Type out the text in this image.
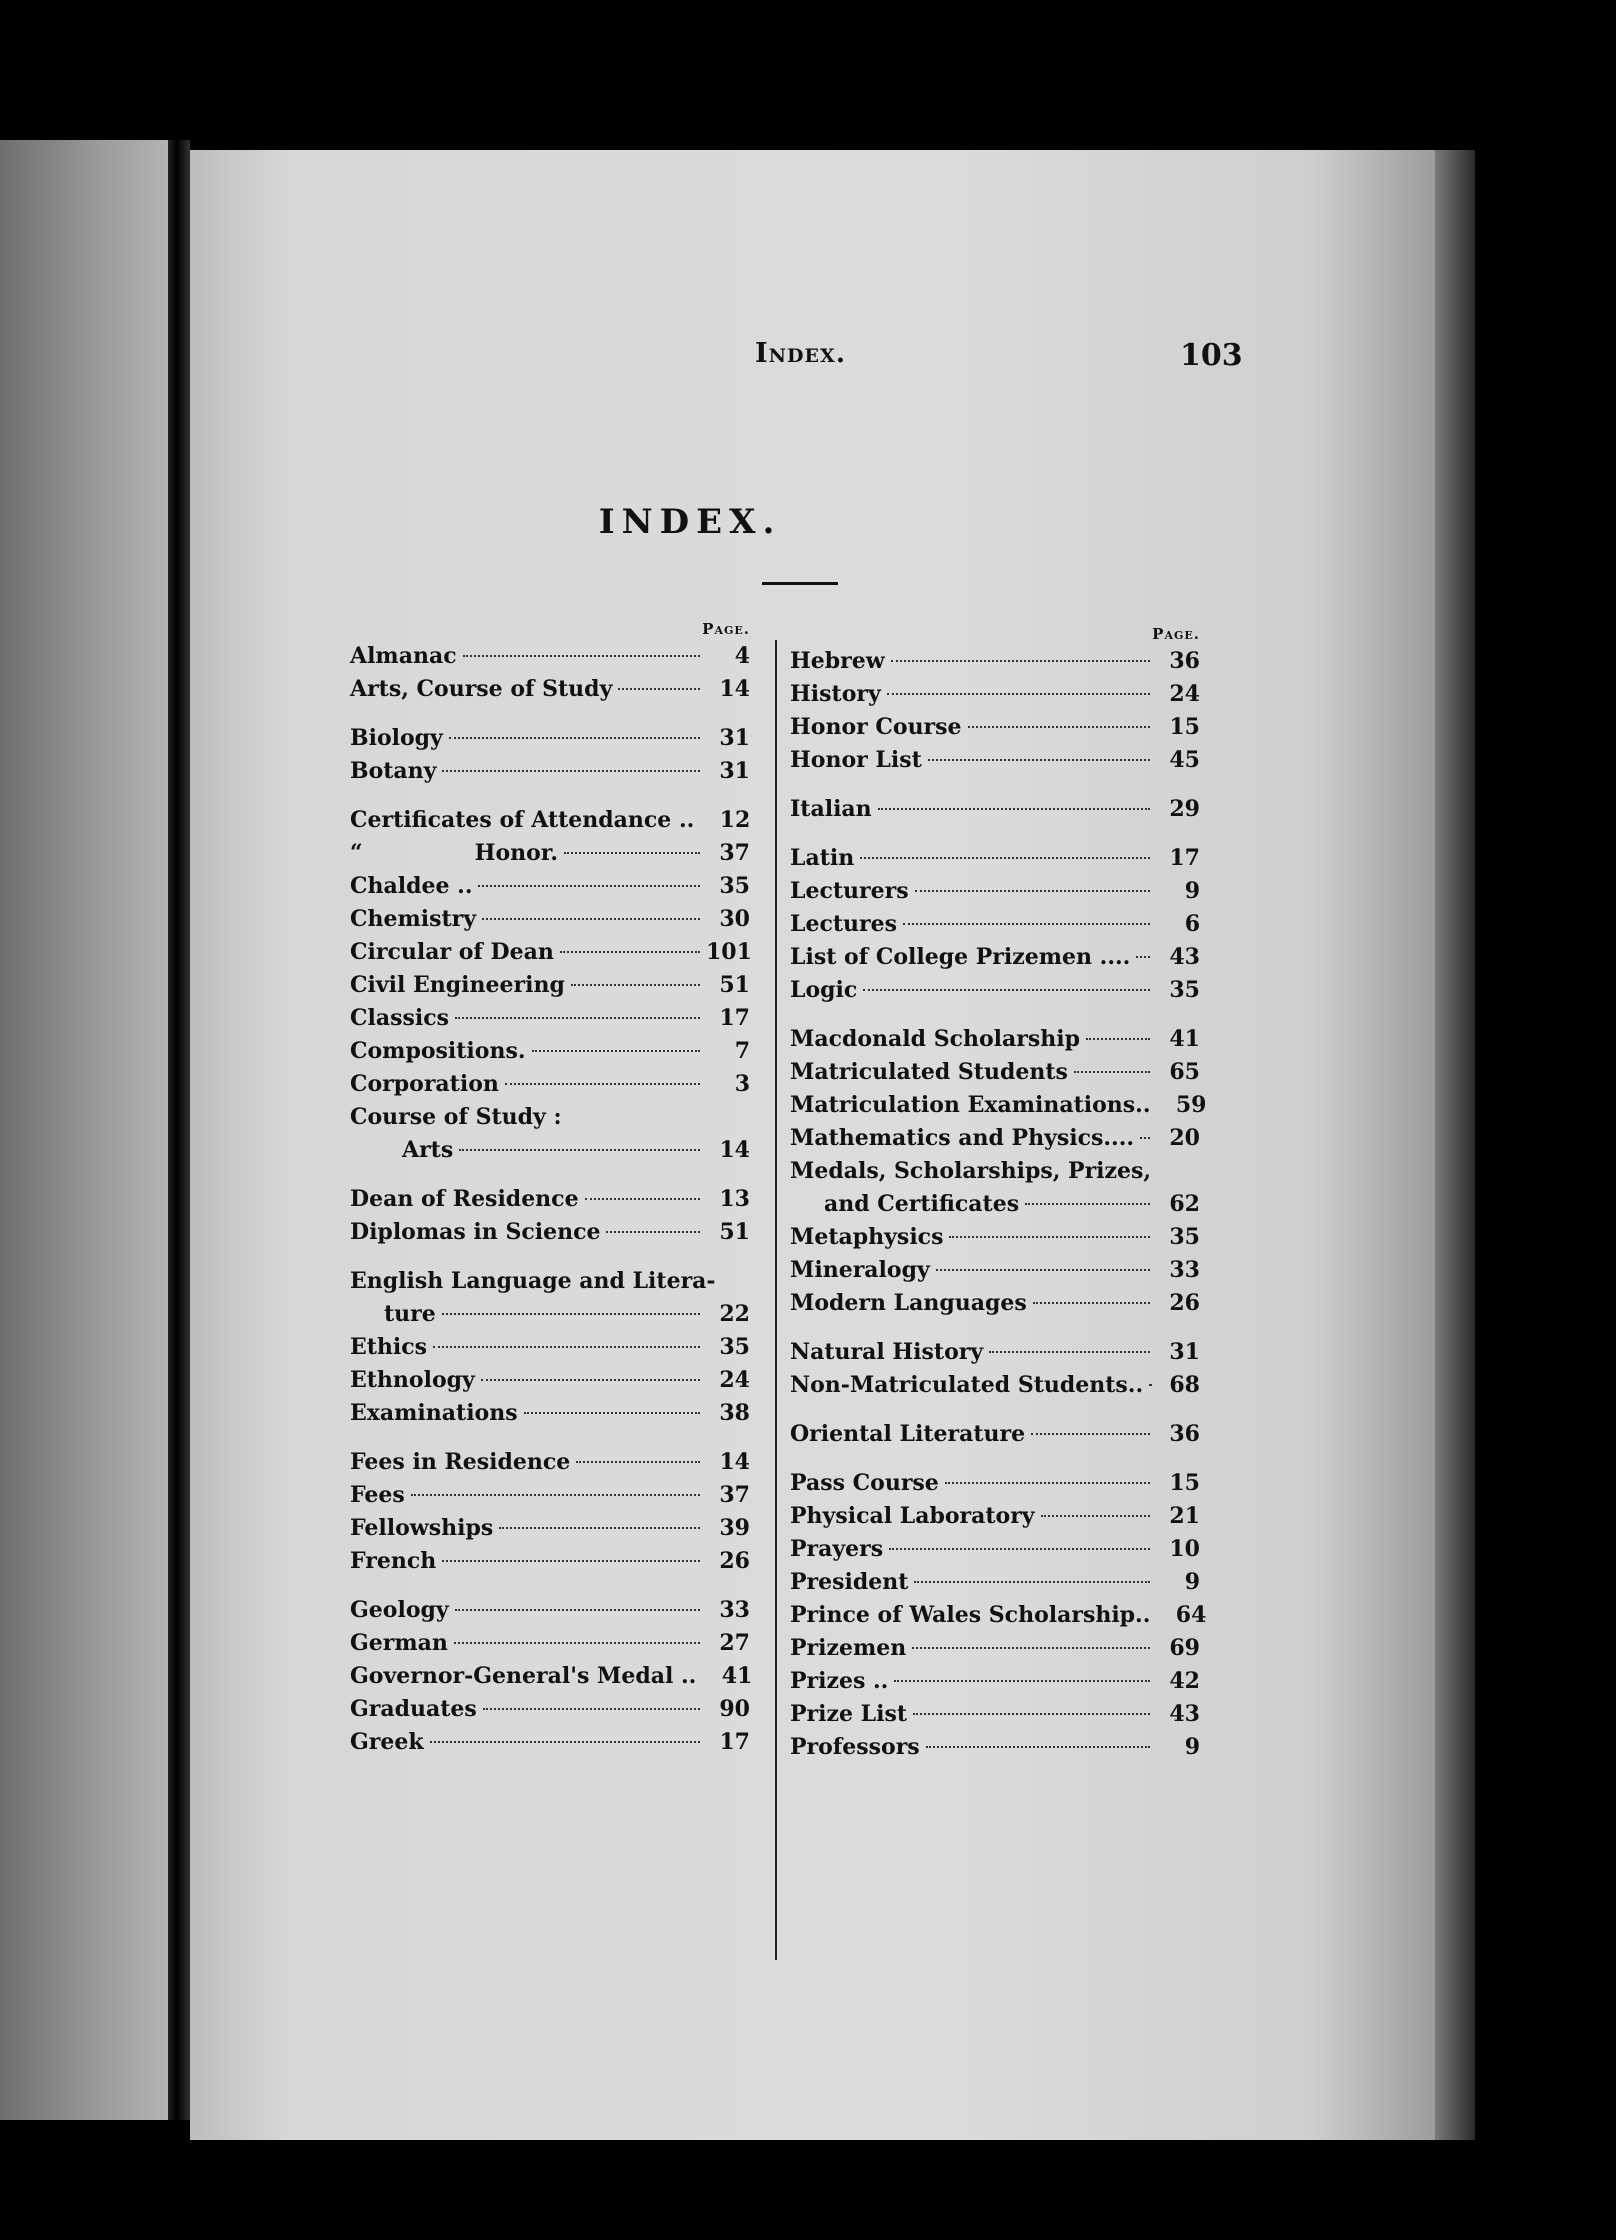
Index.	103
INDEX.
Page.
Almanac	4
Arts, Course of Study	14
Biology	31
Botany	31
Certificates of Attendance ..	12
“	Honor.	37
Chaldee ..	35
Chemistry	30
Circular of Dean	101
Civil Engineering	51
Classics	17
Compositions.	7
Corporation	3
Course of Study :
Arts	14
Dean of Residence	13
Diplomas in Science	51
English Language and Litera-
ture	22
Ethics	35
Ethnology	24
Examinations	38
Fees in Residence	14
Fees	37
Fellowships	39
French	26
Geology	33
German	27
Governor-General's Medal ..	41
Graduates	90
Greek	17
Page.
Hebrew	36
History	24
Honor Course	15
Honor List	45
Italian	29
Latin	17
Lecturers	9
Lectures	6
List of College Prizemen ....	43
Logic	35
Macdonald Scholarship	41
Matriculated Students	65
Matriculation Examinations..	59
Mathematics and Physics....	20
Medals, Scholarships, Prizes,
and Certificates	62
Metaphysics	35
Mineralogy	33
Modern Languages	26
Natural History	31
Non-Matriculated Students..	68
Oriental Literature	36
Pass Course	15
Physical Laboratory	21
Prayers	10
President	9
Prince of Wales Scholarship..	64
Prizemen	69
Prizes ..	42
Prize List	43
Professors	9
